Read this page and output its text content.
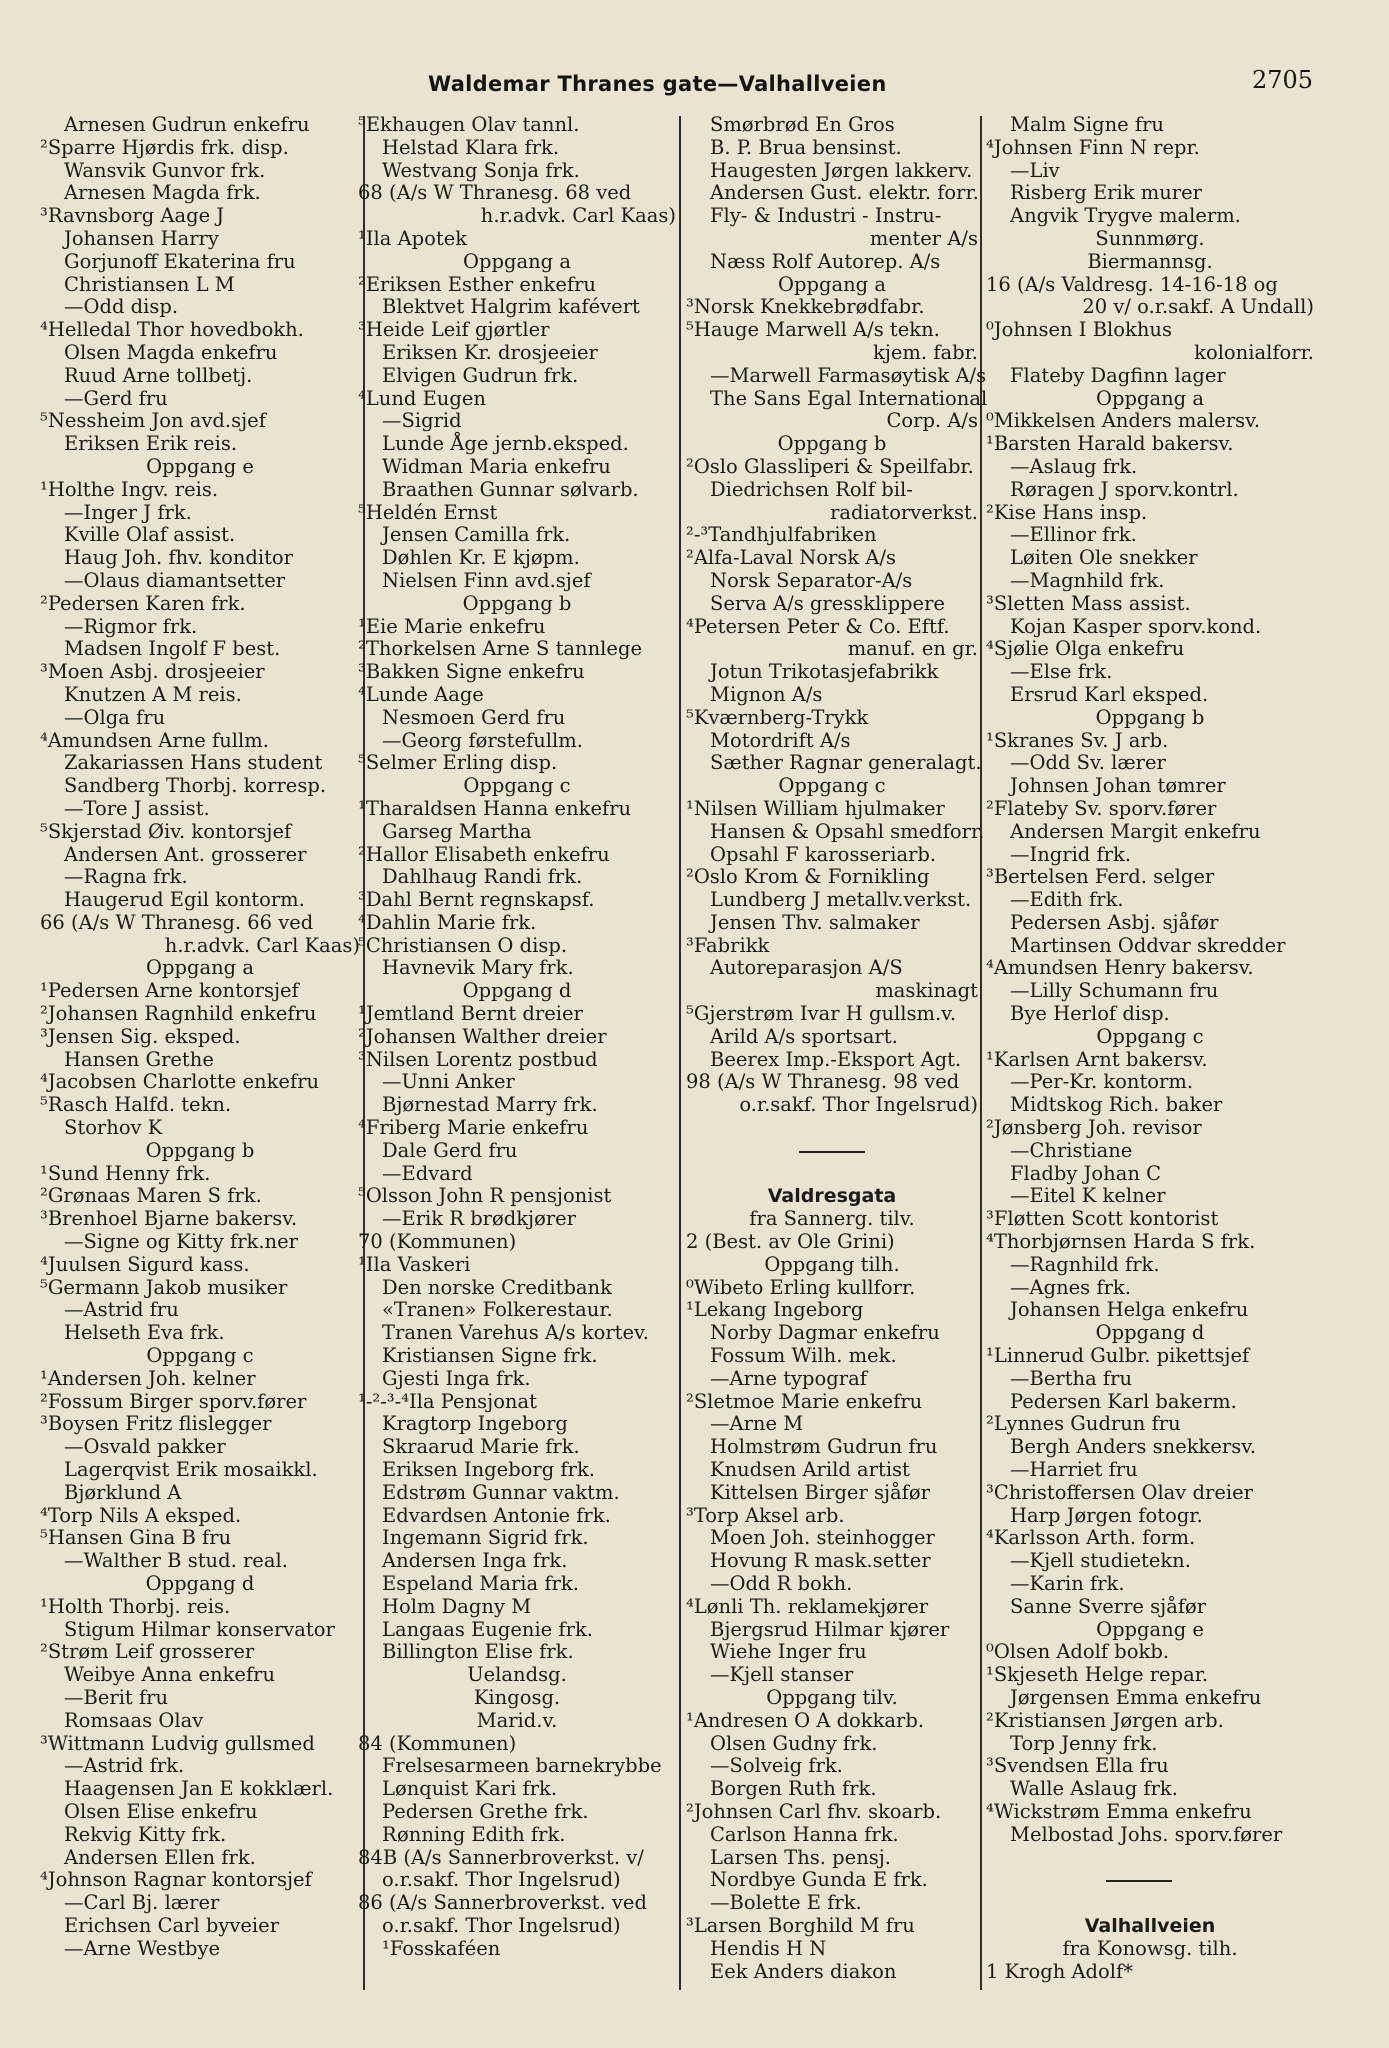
Waldemar Thranes gate—Valhallveien	2705
Arnesen Gudrun enkefru
²Sparre Hjørdis frk. disp.
Wansvik Gunvor frk.
Arnesen Magda frk.
³Ravnsborg Aage J
Johansen Harry
Gorjunoff Ekaterina fru
Christiansen L M
—Odd disp.
⁴Helledal Thor hovedbokh.
Olsen Magda enkefru
Ruud Arne tollbetj.
—Gerd fru
⁵Nessheim Jon avd.sjef
Eriksen Erik reis.
Oppgang e
¹Holthe Ingv. reis.
—Inger J frk.
Kville Olaf assist.
Haug Joh. fhv. konditor
—Olaus diamantsetter
²Pedersen Karen frk.
—Rigmor frk.
Madsen Ingolf F best.
³Moen Asbj. drosjeeier
Knutzen A M reis.
—Olga fru
⁴Amundsen Arne fullm.
Zakariassen Hans student
Sandberg Thorbj. korresp.
—Tore J assist.
⁵Skjerstad Øiv. kontorsjef
Andersen Ant. grosserer
—Ragna frk.
Haugerud Egil kontorm.
66 (A/s W Thranesg. 66 ved
h.r.advk. Carl Kaas)
Oppgang a
¹Pedersen Arne kontorsjef
²Johansen Ragnhild enkefru
³Jensen Sig. eksped.
Hansen Grethe
⁴Jacobsen Charlotte enkefru
⁵Rasch Halfd. tekn.
Storhov K
Oppgang b
¹Sund Henny frk.
²Grønaas Maren S frk.
³Brenhoel Bjarne bakersv.
—Signe og Kitty frk.ner
⁴Juulsen Sigurd kass.
⁵Germann Jakob musiker
—Astrid fru
Helseth Eva frk.
Oppgang c
¹Andersen Joh. kelner
²Fossum Birger sporv.fører
³Boysen Fritz flislegger
—Osvald pakker
Lagerqvist Erik mosaikkl.
Bjørklund A
⁴Torp Nils A eksped.
⁵Hansen Gina B fru
—Walther B stud. real.
Oppgang d
¹Holth Thorbj. reis.
Stigum Hilmar konservator
²Strøm Leif grosserer
Weibye Anna enkefru
—Berit fru
Romsaas Olav
³Wittmann Ludvig gullsmed
—Astrid frk.
Haagensen Jan E kokklærl.
Olsen Elise enkefru
Rekvig Kitty frk.
Andersen Ellen frk.
⁴Johnson Ragnar kontorsjef
—Carl Bj. lærer
Erichsen Carl byveier
—Arne Westbye
⁵Ekhaugen Olav tannl.
Helstad Klara frk.
Westvang Sonja frk.
68 (A/s W Thranesg. 68 ved
h.r.advk. Carl Kaas)
¹Ila Apotek
Oppgang a
²Eriksen Esther enkefru
Blektvet Halgrim kafévert
³Heide Leif gjørtler
Eriksen Kr. drosjeeier
Elvigen Gudrun frk.
⁴Lund Eugen
—Sigrid
Lunde Åge jernb.eksped.
Widman Maria enkefru
Braathen Gunnar sølvarb.
⁵Heldén Ernst
Jensen Camilla frk.
Døhlen Kr. E kjøpm.
Nielsen Finn avd.sjef
Oppgang b
¹Eie Marie enkefru
²Thorkelsen Arne S tannlege
³Bakken Signe enkefru
⁴Lunde Aage
Nesmoen Gerd fru
—Georg førstefullm.
⁵Selmer Erling disp.
Oppgang c
¹Tharaldsen Hanna enkefru
Garseg Martha
²Hallor Elisabeth enkefru
Dahlhaug Randi frk.
³Dahl Bernt regnskapsf.
⁴Dahlin Marie frk.
⁵Christiansen O disp.
Havnevik Mary frk.
Oppgang d
¹Jemtland Bernt dreier
²Johansen Walther dreier
³Nilsen Lorentz postbud
—Unni Anker
Bjørnestad Marry frk.
⁴Friberg Marie enkefru
Dale Gerd fru
—Edvard
⁵Olsson John R pensjonist
—Erik R brødkjører
70 (Kommunen)
¹Ila Vaskeri
Den norske Creditbank
«Tranen» Folkerestaur.
Tranen Varehus A/s kortev.
Kristiansen Signe frk.
Gjesti Inga frk.
¹‑²‑³‑⁴Ila Pensjonat
Kragtorp Ingeborg
Skraarud Marie frk.
Eriksen Ingeborg frk.
Edstrøm Gunnar vaktm.
Edvardsen Antonie frk.
Ingemann Sigrid frk.
Andersen Inga frk.
Espeland Maria frk.
Holm Dagny M
Langaas Eugenie frk.
Billington Elise frk.
Uelandsg.
Kingosg.
Marid.v.
84 (Kommunen)
Frelsesarmeen barnekrybbe
Lønquist Kari frk.
Pedersen Grethe frk.
Rønning Edith frk.
84B (A/s Sannerbroverkst. v/
o.r.sakf. Thor Ingelsrud)
86 (A/s Sannerbroverkst. ved
o.r.sakf. Thor Ingelsrud)
¹Fosskaféen
Smørbrød En Gros
B. P. Brua bensinst.
Haugesten Jørgen lakkerv.
Andersen Gust. elektr. forr.
Fly- & Industri - Instru-
menter A/s
Næss Rolf Autorep. A/s
Oppgang a
³Norsk Knekkebrødfabr.
⁵Hauge Marwell A/s tekn.
kjem. fabr.
—Marwell Farmasøytisk A/s
The Sans Egal International
Corp. A/s
Oppgang b
²Oslo Glassliperi & Speilfabr.
Diedrichsen Rolf bil-
radiatorverkst.
²‑³Tandhjulfabriken
²Alfa-Laval Norsk A/s
Norsk Separator-A/s
Serva A/s gressklippere
⁴Petersen Peter & Co. Eftf.
manuf. en gr.
Jotun Trikotasjefabrikk
Mignon A/s
⁵Kværnberg-Trykk
Motordrift A/s
Sæther Ragnar generalagt.
Oppgang c
¹Nilsen William hjulmaker
Hansen & Opsahl smedforr.
Opsahl F karosseriarb.
²Oslo Krom & Fornikling
Lundberg J metallv.verkst.
Jensen Thv. salmaker
³Fabrikk
Autoreparasjon A/S
maskinagt
⁵Gjerstrøm Ivar H gullsm.v.
Arild A/s sportsart.
Beerex Imp.-Eksport Agt.
98 (A/s W Thranesg. 98 ved
o.r.sakf. Thor Ingelsrud)
Valdresgata
fra Sannerg. tilv.
2 (Best. av Ole Grini)
Oppgang tilh.
⁰Wibeto Erling kullforr.
¹Lekang Ingeborg
Norby Dagmar enkefru
Fossum Wilh. mek.
—Arne typograf
²Sletmoe Marie enkefru
—Arne M
Holmstrøm Gudrun fru
Knudsen Arild artist
Kittelsen Birger sjåfør
³Torp Aksel arb.
Moen Joh. steinhogger
Hovung R mask.setter
—Odd R bokh.
⁴Lønli Th. reklamekjører
Bjergsrud Hilmar kjører
Wiehe Inger fru
—Kjell stanser
Oppgang tilv.
¹Andresen O A dokkarb.
Olsen Gudny frk.
—Solveig frk.
Borgen Ruth frk.
²Johnsen Carl fhv. skoarb.
Carlson Hanna frk.
Larsen Ths. pensj.
Nordbye Gunda E frk.
—Bolette E frk.
³Larsen Borghild M fru
Hendis H N
Eek Anders diakon
Malm Signe fru
⁴Johnsen Finn N repr.
—Liv
Risberg Erik murer
Angvik Trygve malerm.
Sunnmørg.
Biermannsg.
16 (A/s Valdresg. 14-16-18 og
20 v/ o.r.sakf. A Undall)
⁰Johnsen I Blokhus
kolonialforr.
Flateby Dagfinn lager
Oppgang a
⁰Mikkelsen Anders malersv.
¹Barsten Harald bakersv.
—Aslaug frk.
Røragen J sporv.kontrl.
²Kise Hans insp.
—Ellinor frk.
Løiten Ole snekker
—Magnhild frk.
³Sletten Mass assist.
Kojan Kasper sporv.kond.
⁴Sjølie Olga enkefru
—Else frk.
Ersrud Karl eksped.
Oppgang b
¹Skranes Sv. J arb.
—Odd Sv. lærer
Johnsen Johan tømrer
²Flateby Sv. sporv.fører
Andersen Margit enkefru
—Ingrid frk.
³Bertelsen Ferd. selger
—Edith frk.
Pedersen Asbj. sjåfør
Martinsen Oddvar skredder
⁴Amundsen Henry bakersv.
—Lilly Schumann fru
Bye Herlof disp.
Oppgang c
¹Karlsen Arnt bakersv.
—Per-Kr. kontorm.
Midtskog Rich. baker
²Jønsberg Joh. revisor
—Christiane
Fladby Johan C
—Eitel K kelner
³Fløtten Scott kontorist
⁴Thorbjørnsen Harda S frk.
—Ragnhild frk.
—Agnes frk.
Johansen Helga enkefru
Oppgang d
¹Linnerud Gulbr. pikettsjef
—Bertha fru
Pedersen Karl bakerm.
²Lynnes Gudrun fru
Bergh Anders snekkersv.
—Harriet fru
³Christoffersen Olav dreier
Harp Jørgen fotogr.
⁴Karlsson Arth. form.
—Kjell studietekn.
—Karin frk.
Sanne Sverre sjåfør
Oppgang e
⁰Olsen Adolf bokb.
¹Skjeseth Helge repar.
Jørgensen Emma enkefru
²Kristiansen Jørgen arb.
Torp Jenny frk.
³Svendsen Ella fru
Walle Aslaug frk.
⁴Wickstrøm Emma enkefru
Melbostad Johs. sporv.fører
Valhallveien
fra Konowsg. tilh.
1 Krogh Adolf*
